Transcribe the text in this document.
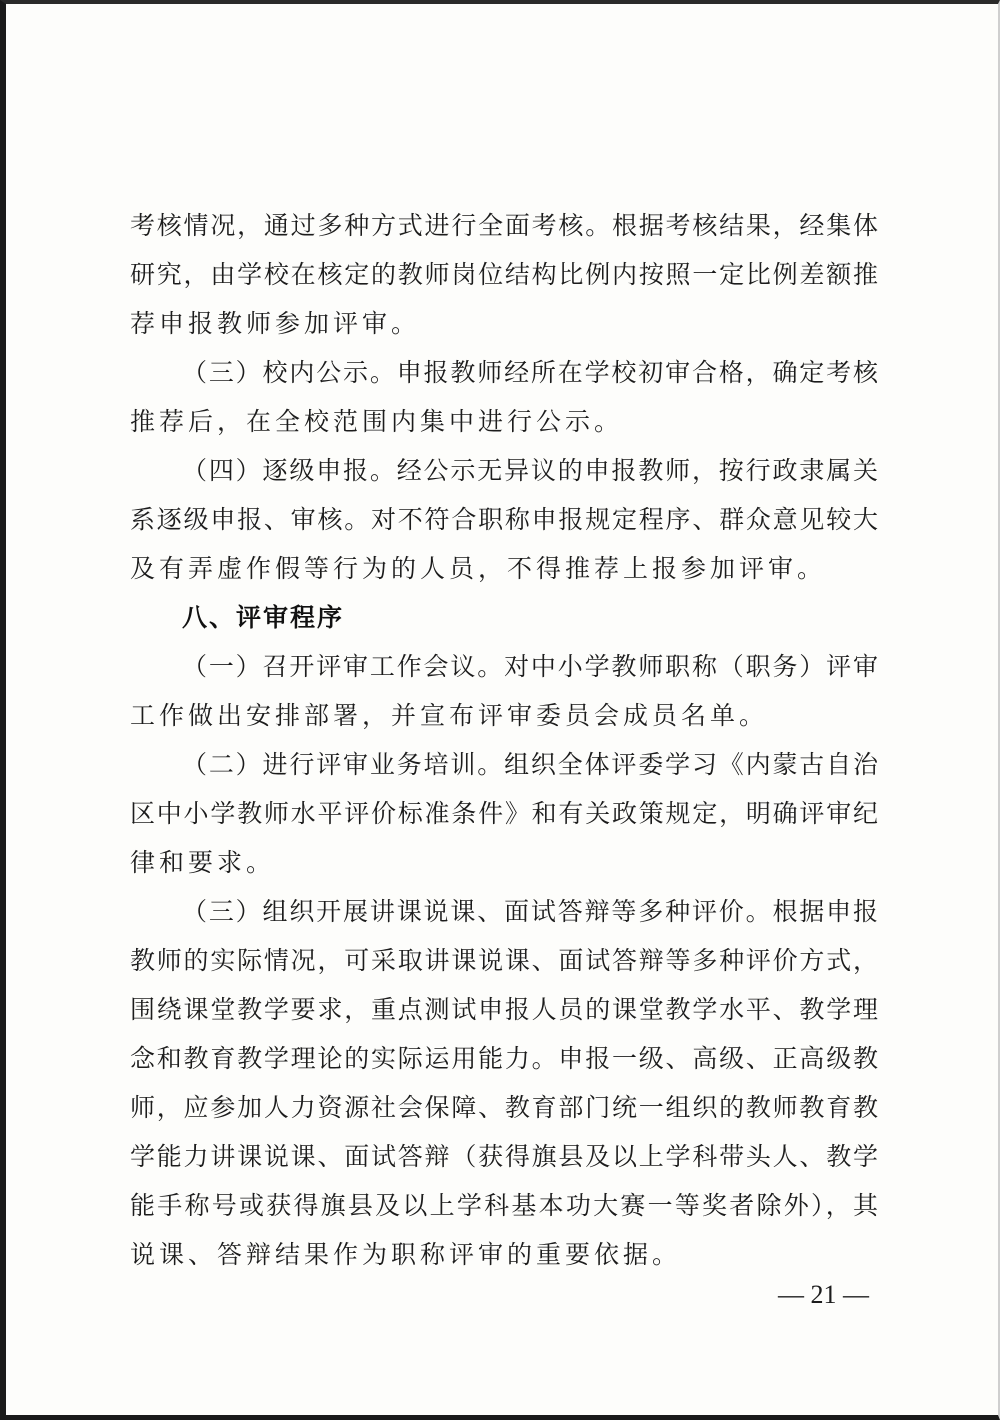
考核情况，通过多种方式进行全面考核。根据考核结果，经集体
研究，由学校在核定的教师岗位结构比例内按照一定比例差额推
荐申报教师参加评审。
（三）校内公示。申报教师经所在学校初审合格，确定考核
推荐后，在全校范围内集中进行公示。
（四）逐级申报。经公示无异议的申报教师，按行政隶属关
系逐级申报、审核。对不符合职称申报规定程序、群众意见较大
及有弄虚作假等行为的人员，不得推荐上报参加评审。
八、评审程序
（一）召开评审工作会议。对中小学教师职称（职务）评审
工作做出安排部署，并宣布评审委员会成员名单。
（二）进行评审业务培训。组织全体评委学习《内蒙古自治
区中小学教师水平评价标准条件》和有关政策规定，明确评审纪
律和要求。
（三）组织开展讲课说课、面试答辩等多种评价。根据申报
教师的实际情况，可采取讲课说课、面试答辩等多种评价方式，
围绕课堂教学要求，重点测试申报人员的课堂教学水平、教学理
念和教育教学理论的实际运用能力。申报一级、高级、正高级教
师，应参加人力资源社会保障、教育部门统一组织的教师教育教
学能力讲课说课、面试答辩（获得旗县及以上学科带头人、教学
能手称号或获得旗县及以上学科基本功大赛一等奖者除外），其
说课、答辩结果作为职称评审的重要依据。
— 21 —
